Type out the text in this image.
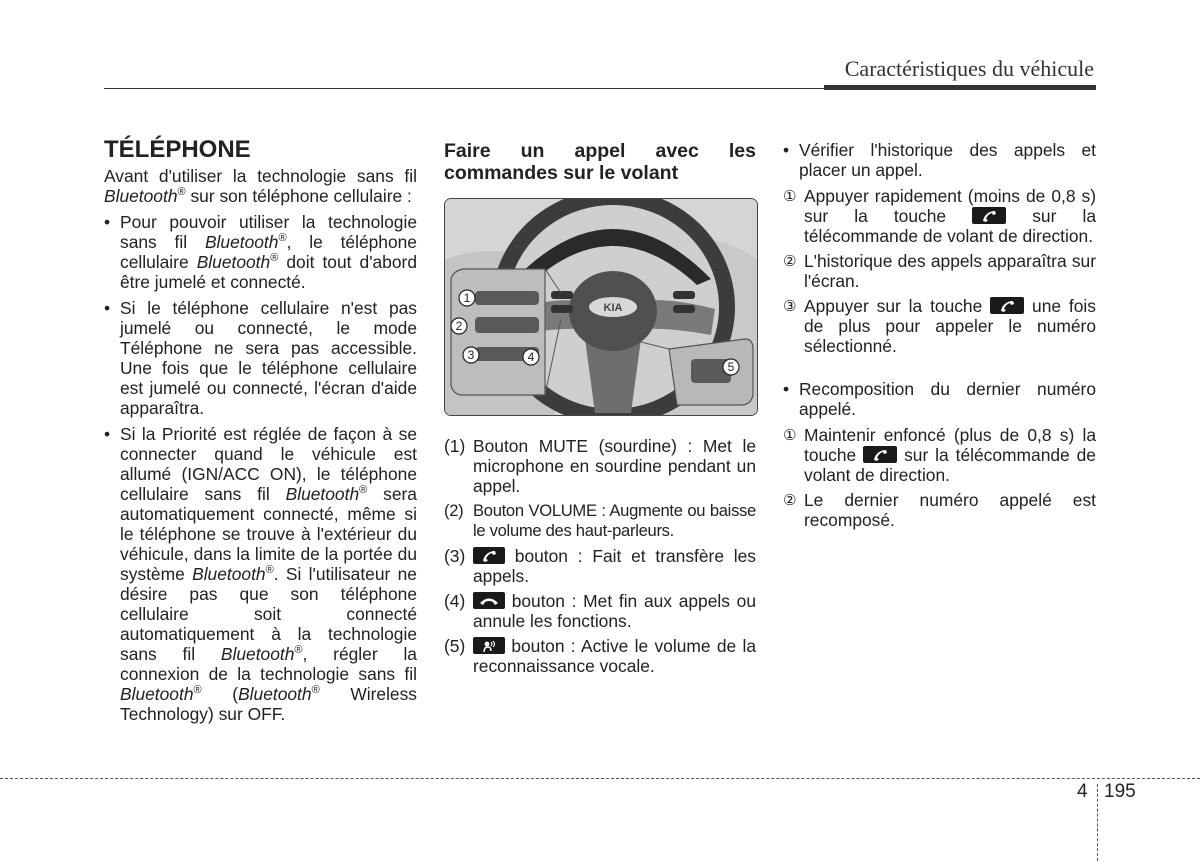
Caractéristiques du véhicule
TÉLÉPHONE

Avant d'utiliser la technologie sans fil Bluetooth® sur son téléphone cellulaire :

• Pour pouvoir utiliser la technologie sans fil Bluetooth®, le téléphone cellulaire Bluetooth® doit tout d'abord être jumelé et connecté.
• Si le téléphone cellulaire n'est pas jumelé ou connecté, le mode Téléphone ne sera pas accessible. Une fois que le téléphone cellulaire est jumelé ou connecté, l'écran d'aide apparaîtra.
• Si la Priorité est réglée de façon à se connecter quand le véhicule est allumé (IGN/ACC ON), le téléphone cellulaire sans fil Bluetooth® sera automatiquement connecté, même si le téléphone se trouve à l'extérieur du véhicule, dans la limite de la portée du système Bluetooth®. Si l'utilisateur ne désire pas que son téléphone cellulaire soit connecté automatiquement à la technologie sans fil Bluetooth®, régler la connexion de la technologie sans fil Bluetooth® (Bluetooth® Wireless Technology) sur OFF.
Faire un appel avec les
commandes sur le volant
KIA
1
2
3	4
5
(1) Bouton MUTE (sourdine) : Met le microphone en sourdine pendant un appel.
(2) Bouton VOLUME : Augmente ou baisse le volume des haut-parleurs.
(3)	bouton : Fait et transfère les appels.
(4)	bouton : Met fin aux appels ou annule les fonctions.
(5)	bouton : Active le volume de la reconnaissance vocale.
• Vérifier l'historique des appels et placer un appel.
① Appuyer rapidement (moins de 0,8 s) sur la touche	sur la télécommande de volant de direction.
② L'historique des appels apparaîtra sur l'écran.
③ Appuyer sur la touche	une fois de plus pour appeler le numéro sélectionné.
• Recomposition du dernier numéro appelé.
① Maintenir enfoncé (plus de 0,8 s) la touche	sur la télécommande de volant de direction.
② Le dernier numéro appelé est recomposé.
4 195
